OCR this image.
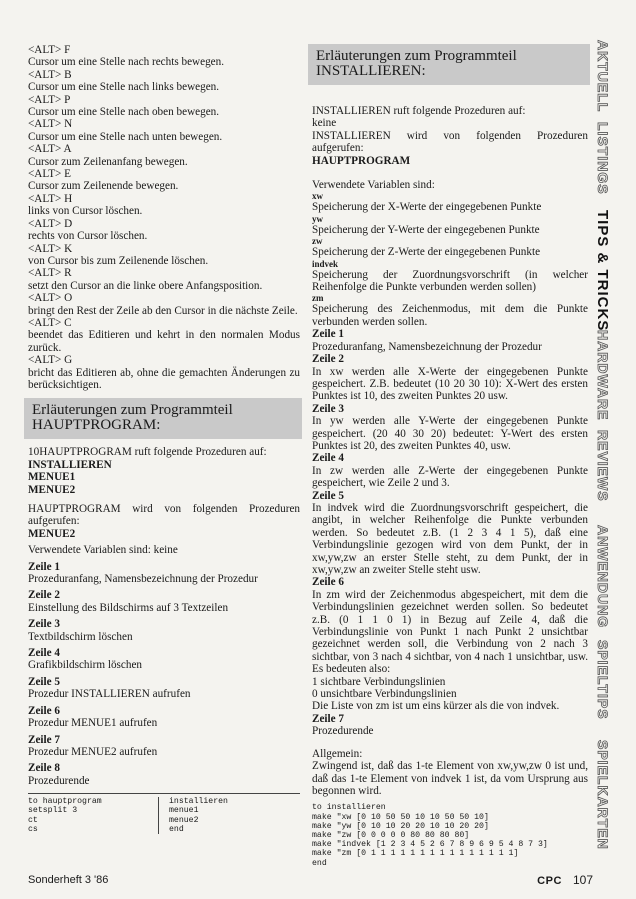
<ALT> F

Cursor um eine Stelle nach rechts bewegen.

<ALT> B

Cursor um eine Stelle nach links bewegen.

<ALT> P

Cursor um eine Stelle nach oben bewegen.

<ALT> N

Cursor um eine Stelle nach unten bewegen.

<ALT> A

Cursor zum Zeilenanfang bewegen.

<ALT> E

Cursor zum Zeilenende bewegen.

<ALT> H

links von Cursor löschen.

<ALT> D

rechts von Cursor löschen.

<ALT> K

von Cursor bis zum Zeilenende löschen.

<ALT> R

setzt den Cursor an die linke obere Anfangsposition.

<ALT> O

bringt den Rest der Zeile ab den Cursor in die nächste Zeile.

<ALT> C

beendet das Editieren und kehrt in den normalen Modus zurück.

<ALT> G

bricht das Editieren ab, ohne die gemachten Änderungen zu berücksichtigen.

Erläuterungen zum Programmteil
HAUPTPROGRAM:

10HAUPTPROGRAM ruft folgende Prozeduren auf:

INSTALLIEREN

MENUE1

MENUE2

HAUPTPROGRAM wird von folgenden Prozeduren aufgerufen:

MENUE2

Verwendete Variablen sind: keine

Zeile 1

Prozeduranfang, Namensbezeichnung der Prozedur

Zeile 2

Einstellung des Bildschirms auf 3 Textzeilen

Zeile 3

Textbildschirm löschen

Zeile 4

Grafikbildschirm löschen

Zeile 5

Prozedur INSTALLIEREN aufrufen

Zeile 6

Prozedur MENUE1 aufrufen

Zeile 7

Prozedur MENUE2 aufrufen

Zeile 8

Prozedurende

to hauptprogram
setsplit 3
ct
cs
installieren
menue1
menue2
end
Erläuterungen zum Programmteil
INSTALLIEREN:

INSTALLIEREN ruft folgende Prozeduren auf:

keine

INSTALLIEREN wird von folgenden Prozeduren aufgerufen:

HAUPTPROGRAM

Verwendete Variablen sind:

xw

Speicherung der X-Werte der eingegebenen Punkte

yw

Speicherung der Y-Werte der eingegebenen Punkte

zw

Speicherung der Z-Werte der eingegebenen Punkte

indvek

Speicherung der Zuordnungsvorschrift (in welcher Reihenfolge die Punkte verbunden werden sollen)

zm

Speicherung des Zeichenmodus, mit dem die Punkte verbunden werden sollen.

Zeile 1

Prozeduranfang, Namensbezeichnung der Prozedur

Zeile 2

In xw werden alle X-Werte der eingegebenen Punkte gespeichert. Z.B. bedeutet (10 20 30 10): X-Wert des ersten Punktes ist 10, des zweiten Punktes 20 usw.

Zeile 3

In yw werden alle Y-Werte der eingegebenen Punkte gespeichert. (20 40 30 20) bedeutet: Y-Wert des ersten Punktes ist 20, des zweiten Punktes 40, usw.

Zeile 4

In zw werden alle Z-Werte der eingegebenen Punkte gespeichert, wie Zeile 2 und 3.

Zeile 5

In indvek wird die Zuordnungsvorschrift gespeichert, die angibt, in welcher Reihenfolge die Punkte verbunden werden. So bedeutet z.B. (1 2 3 4 1 5), daß eine Verbindungslinie gezogen wird von dem Punkt, der in xw,yw,zw an erster Stelle steht, zu dem Punkt, der in xw,yw,zw an zweiter Stelle steht usw.

Zeile 6

In zm wird der Zeichenmodus abgespeichert, mit dem die Verbindungslinien gezeichnet werden sollen. So bedeutet z.B. (0 1 1 0 1) in Bezug auf Zeile 4, daß die Verbindungslinie von Punkt 1 nach Punkt 2 unsichtbar gezeichnet werden soll, die Verbindung von 2 nach 3 sichtbar, von 3 nach 4 sichtbar, von 4 nach 1 unsichtbar, usw. Es bedeuten also:

1 sichtbare Verbindungslinien

0 unsichtbare Verbindungslinien

Die Liste von zm ist um eins kürzer als die von indvek.

Zeile 7

Prozedurende

Allgemein:

Zwingend ist, daß das 1-te Element von xw,yw,zw 0 ist und, daß das 1-te Element von indvek 1 ist, da vom Ursprung aus begonnen wird.

to installieren
make "xw [0 10 50 50 10 10 50 50 10]
make "yw [0 10 10 20 20 10 10 20 20]
make "zw [0 0 0 0 0 80 80 80 80]
make "indvek [1 2 3 4 5 2 6 7 8 9 6 9 5 4 8 7 3]
make "zm [0 1 1 1 1 1 1 1 1 1 1 1 1 1 1 1]
end
AKTUELL
LISTINGS
TIPS & TRICKS
HARDWARE
REVIEWS
ANWENDUNG
SPIELTIPS
SPIELKARTEN
Sonderheft 3 '86	CPC 107
